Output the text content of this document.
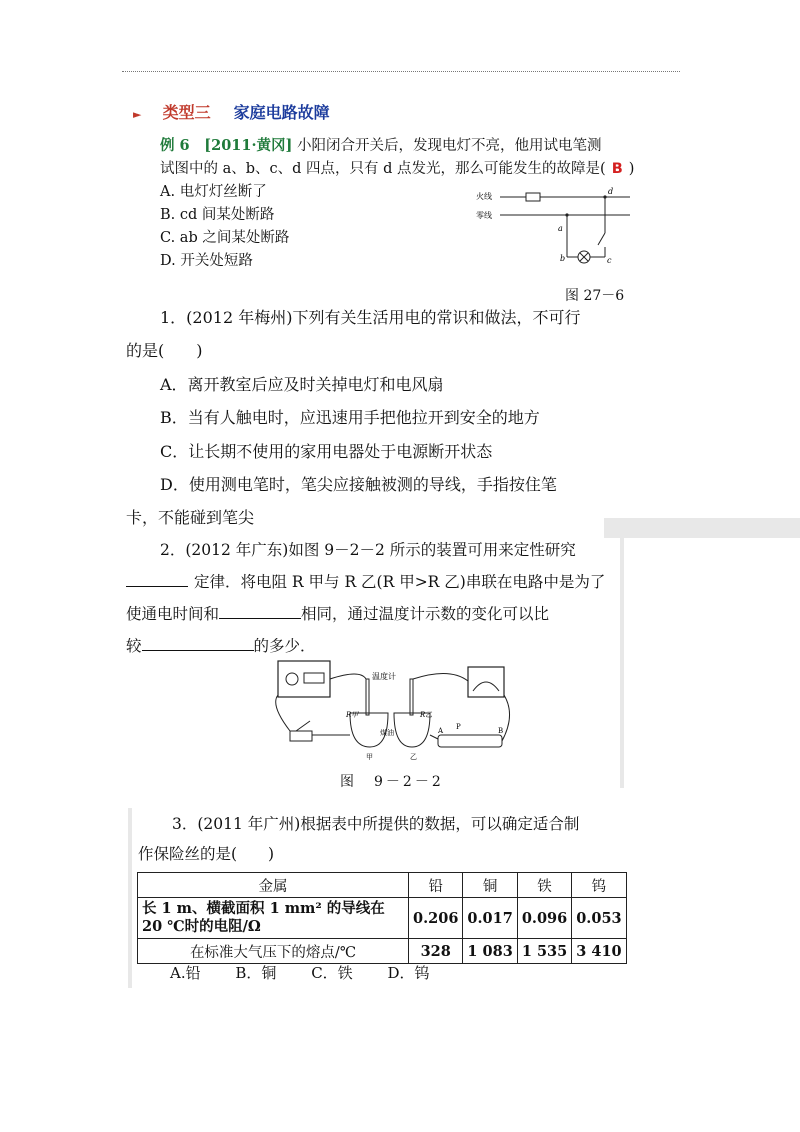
► 类型三 家庭电路故障
例 6 [2011·黄冈] 小阳闭合开关后，发现电灯不亮，他用试电笔测
试图中的 a、b、c、d 四点，只有 d 点发光，那么可能发生的故障是( B )
A. 电灯灯丝断了
B. cd 间某处断路
C. ab 之间某处断路
D. 开关处短路
火线
零线
d
a
b	c
图 27－6
1．(2012 年梅州)下列有关生活用电的常识和做法，不可行
的是(　　)
A．离开教室后应及时关掉电灯和电风扇
B．当有人触电时，应迅速用手把他拉开到安全的地方
C．让长期不使用的家用电器处于电源断开状态
D．使用测电笔时，笔尖应接触被测的导线，手指按住笔
卡，不能碰到笔尖
2．(2012 年广东)如图 9－2－2 所示的装置可用来定性研究
定律．将电阻 R 甲与 R 乙(R 甲>R 乙)串联在电路中是为了
使通电时间和	相同，通过温度计示数的变化可以比
较	的多少．
温度计
R甲	R乙
煤油
甲	乙
A P	B
图　9－2－2
3．(2011 年广州)根据表中所提供的数据，可以确定适合制
作保险丝的是(　　)
金属	铅	铜	铁	钨

长 1 m、横截面积 1 mm² 的导线在
20 ℃时的电阻/Ω	0.206	0.017	0.096	0.053
在标准大气压下的熔点/℃	328	1 083	1 535	3 410
A.铅 B．铜 C．铁 D．钨
